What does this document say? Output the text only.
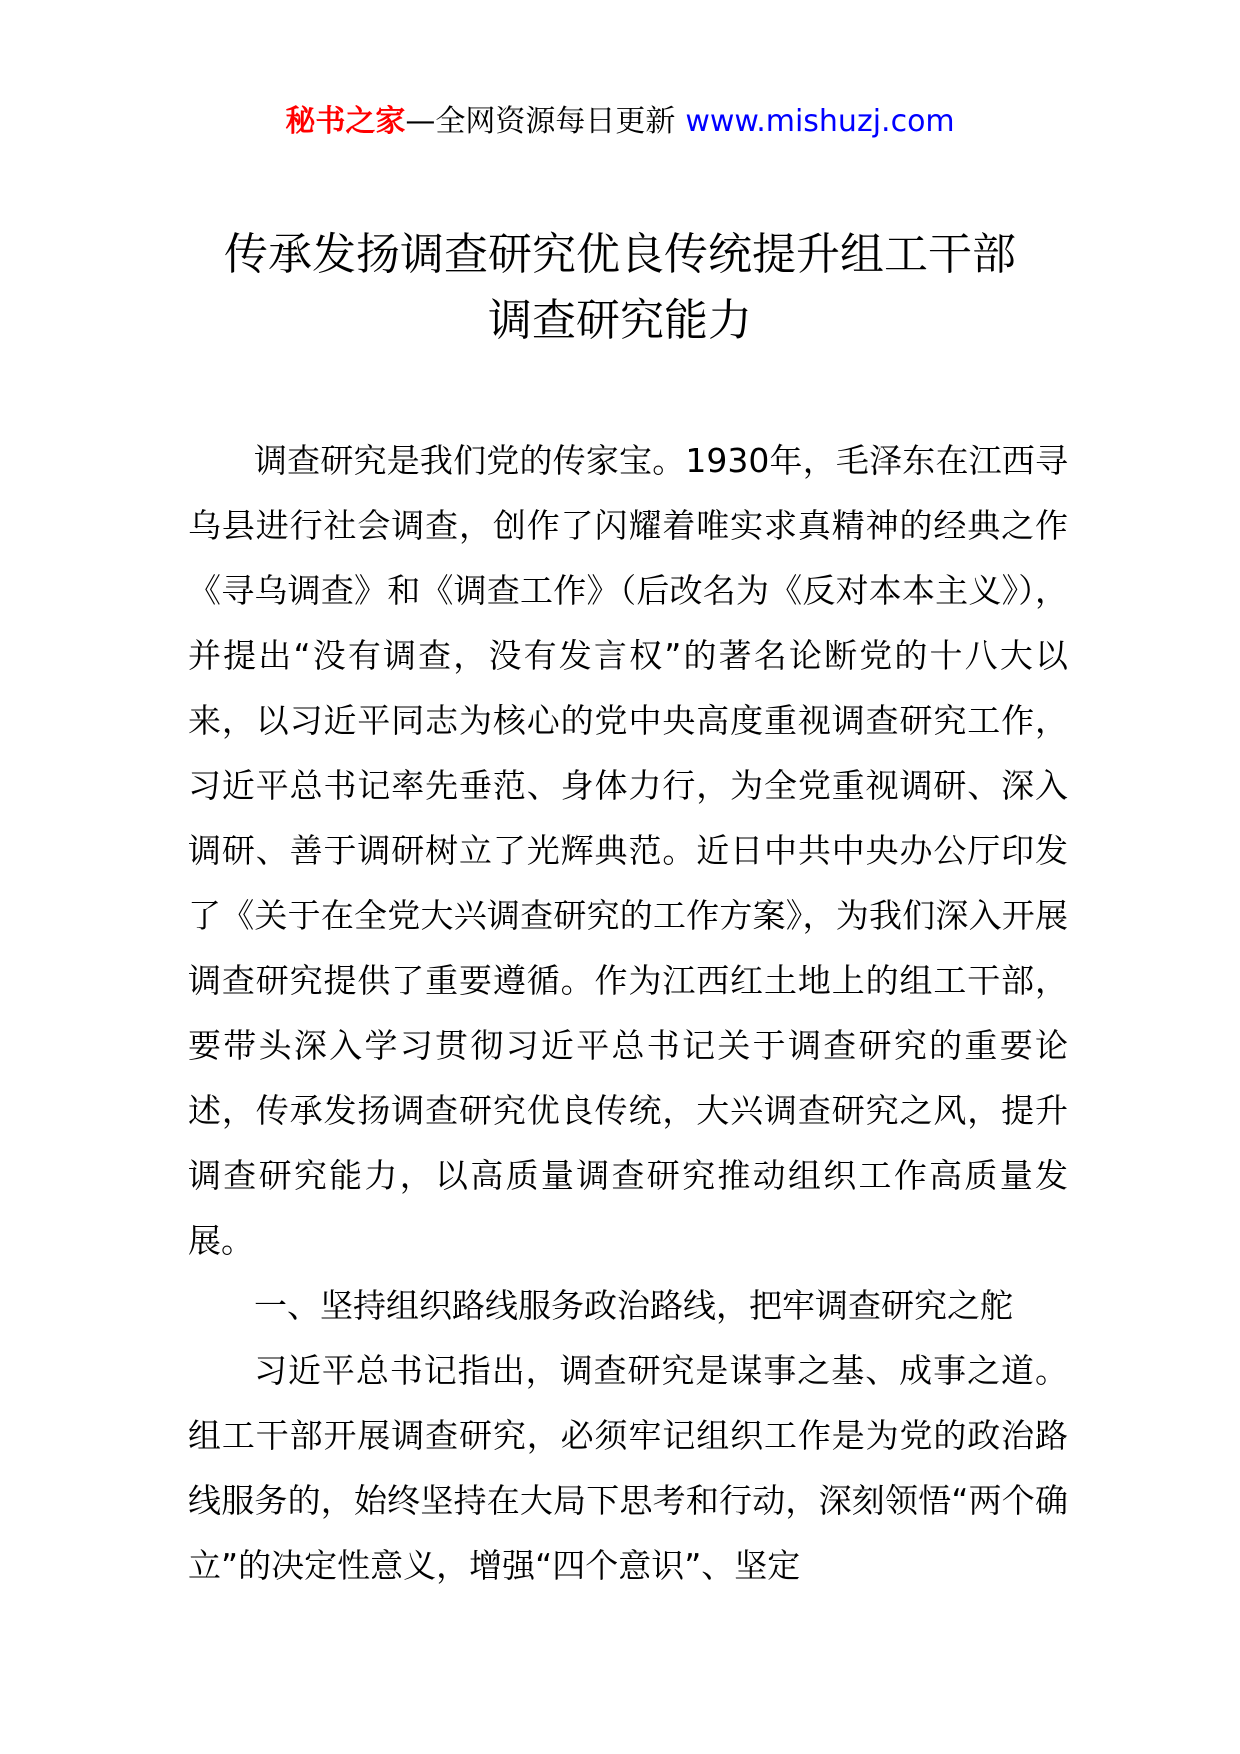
秘书之家—全网资源每日更新 www.mishuzj.com
传承发扬调查研究优良传统提升组工干部
调查研究能力

调查研究是我们党的传家宝。1930年，毛泽东在江西寻乌县进行社会调查，创作了闪耀着唯实求真精神的经典之作《寻乌调查》和《调查工作》（后改名为《反对本本主义》），并提出“没有调查，没有发言权”的著名论断党的十八大以来，以习近平同志为核心的党中央高度重视调查研究工作，习近平总书记率先垂范、身体力行，为全党重视调研、深入调研、善于调研树立了光辉典范。近日中共中央办公厅印发了《关于在全党大兴调查研究的工作方案》，为我们深入开展调查研究提供了重要遵循。作为江西红土地上的组工干部，要带头深入学习贯彻习近平总书记关于调查研究的重要论述，传承发扬调查研究优良传统，大兴调查研究之风，提升调查研究能力，以高质量调查研究推动组织工作高质量发展。

一、坚持组织路线服务政治路线，把牢调查研究之舵

习近平总书记指出，调查研究是谋事之基、成事之道。组工干部开展调查研究，必须牢记组织工作是为党的政治路线服务的，始终坚持在大局下思考和行动，深刻领悟“两个确立”的决定性意义，增强“四个意识”、坚定
